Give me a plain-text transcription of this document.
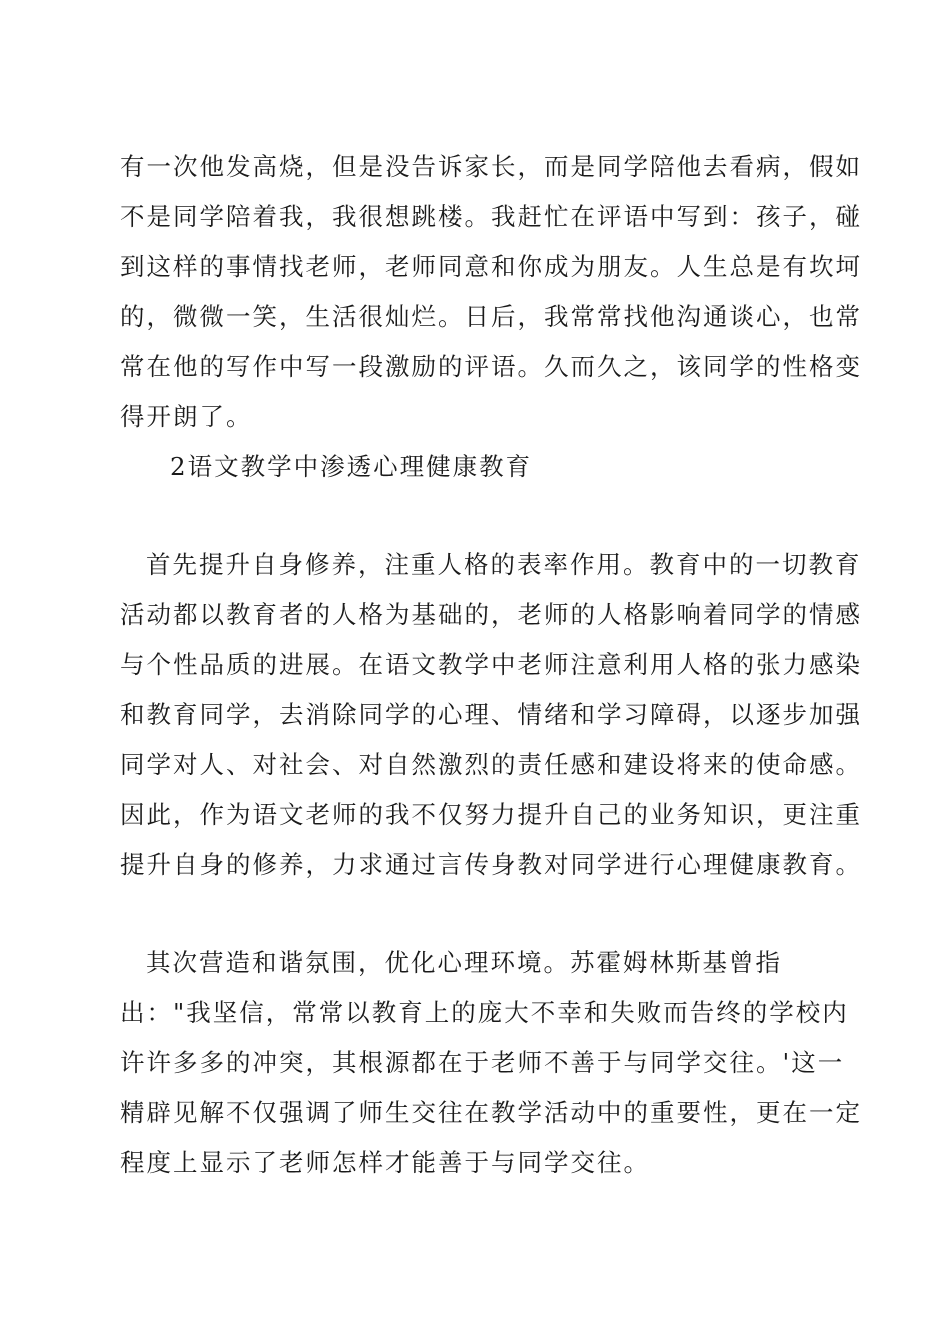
有一次他发高烧，但是没告诉家长，而是同学陪他去看病，假如
不是同学陪着我，我很想跳楼。我赶忙在评语中写到：孩子，碰
到这样的事情找老师，老师同意和你成为朋友。人生总是有坎坷
的，微微一笑，生活很灿烂。日后，我常常找他沟通谈心，也常
常在他的写作中写一段激励的评语。久而久之，该同学的性格变
得开朗了。
2语文教学中渗透心理健康教育
首先提升自身修养，注重人格的表率作用。教育中的一切教育
活动都以教育者的人格为基础的，老师的人格影响着同学的情感
与个性品质的进展。在语文教学中老师注意利用人格的张力感染
和教育同学，去消除同学的心理、情绪和学习障碍，以逐步加强
同学对人、对社会、对自然激烈的责任感和建设将来的使命感。
因此，作为语文老师的我不仅努力提升自己的业务知识，更注重
提升自身的修养，力求通过言传身教对同学进行心理健康教育。
其次营造和谐氛围，优化心理环境。苏霍姆林斯基曾指
出："我坚信，常常以教育上的庞大不幸和失败而告终的学校内
许许多多的冲突，其根源都在于老师不善于与同学交往。'这一
精辟见解不仅强调了师生交往在教学活动中的重要性，更在一定
程度上显示了老师怎样才能善于与同学交往。
